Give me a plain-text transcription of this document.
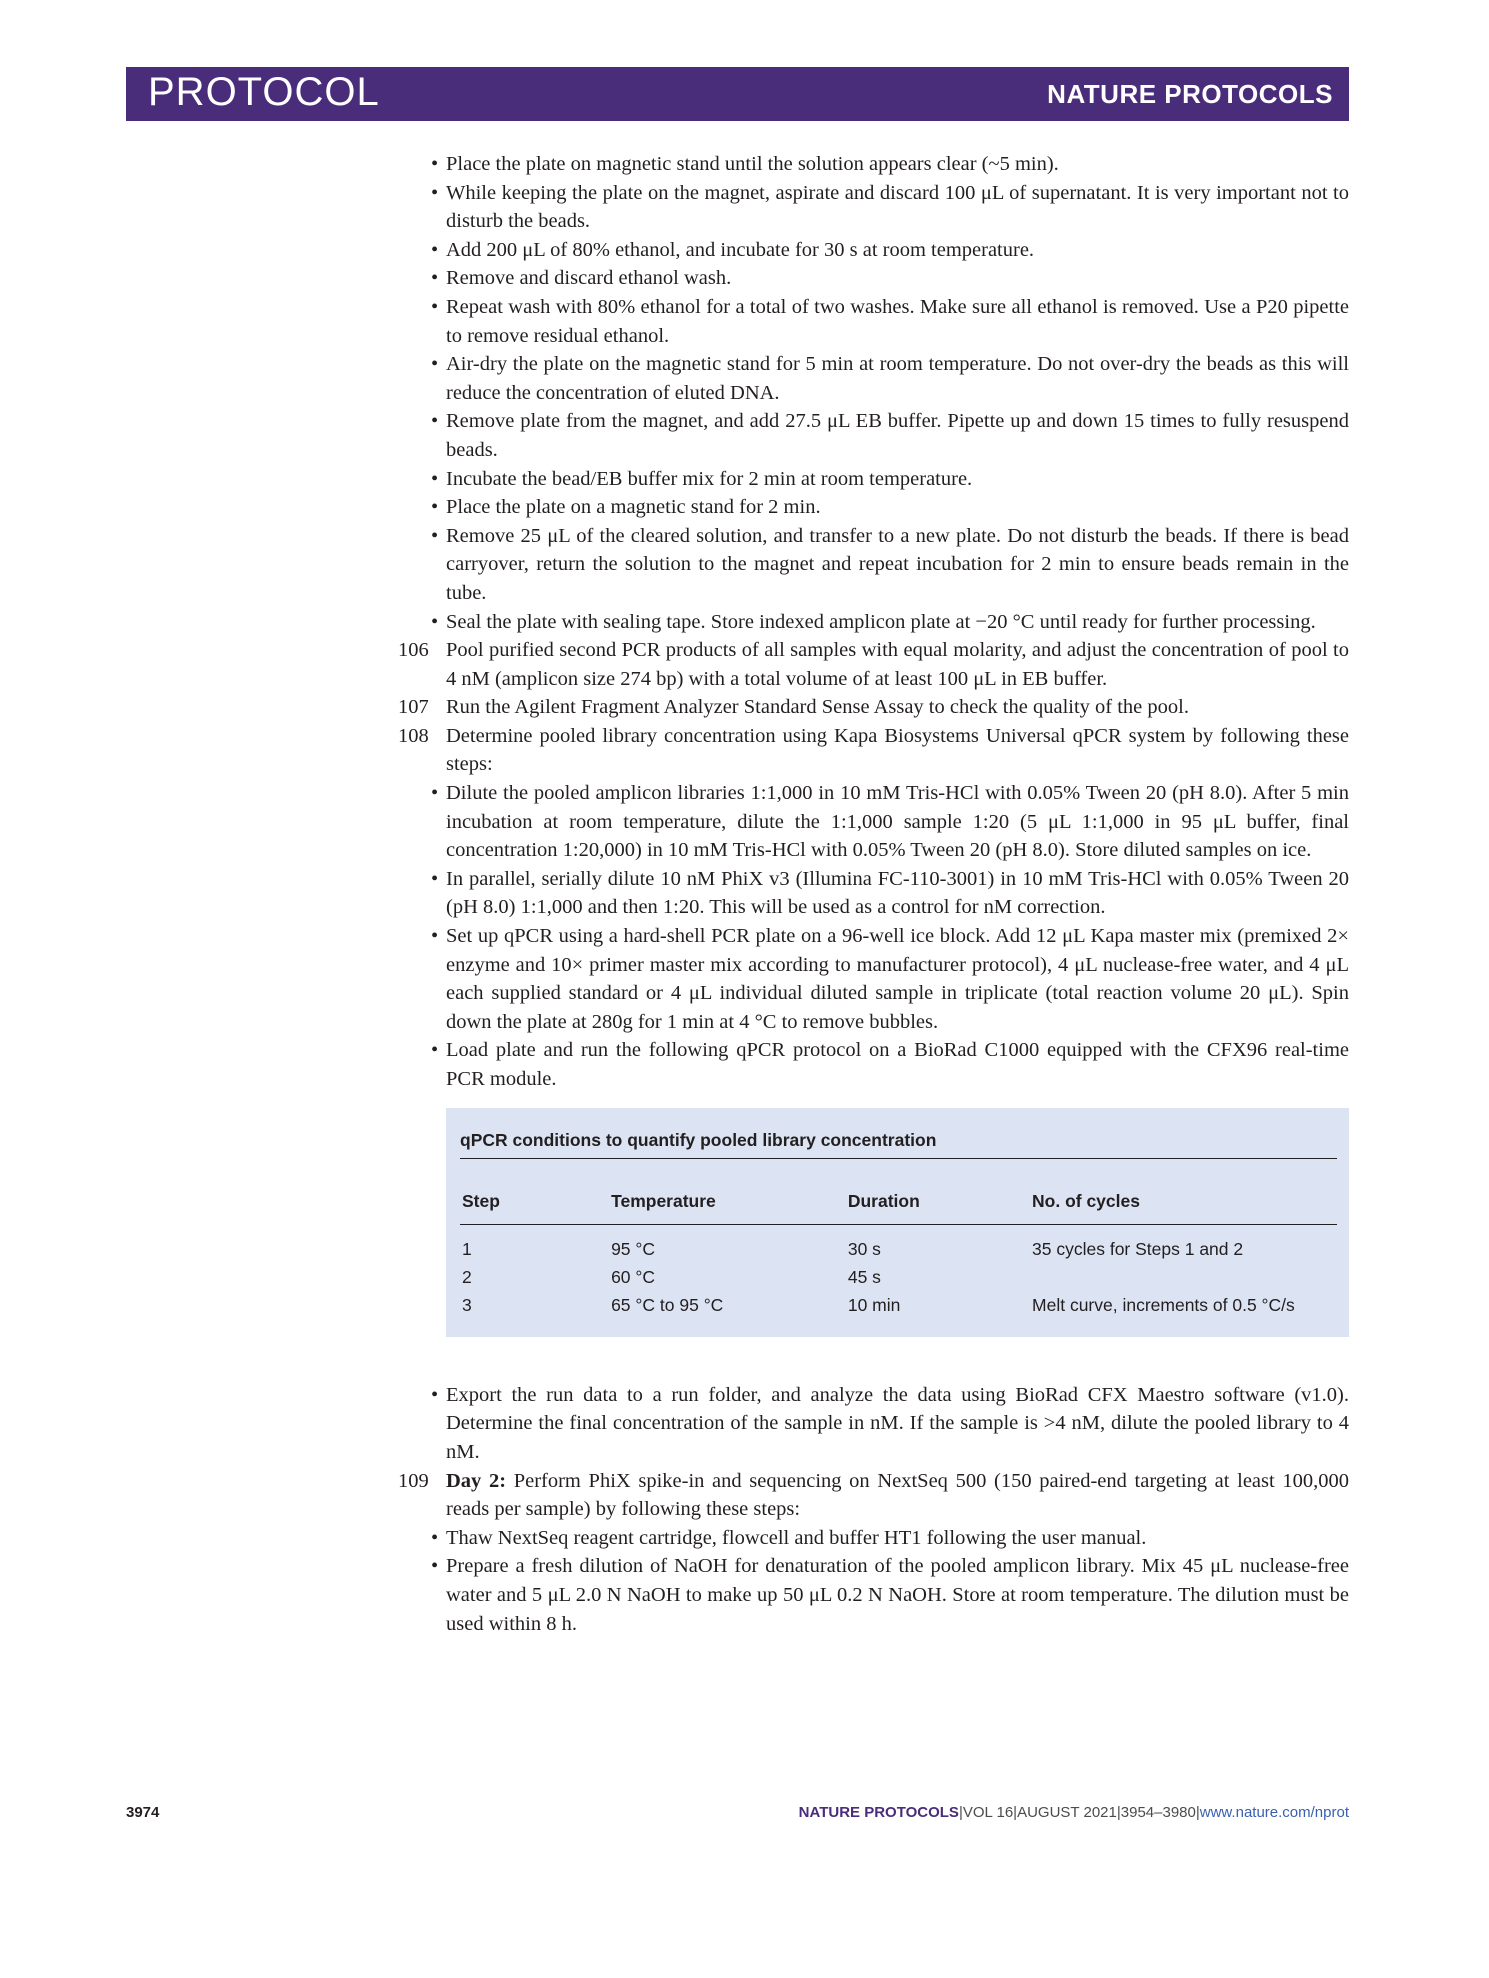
PROTOCOL	NATURE PROTOCOLS
• Place the plate on magnetic stand until the solution appears clear (~5 min).
• While keeping the plate on the magnet, aspirate and discard 100 μL of supernatant. It is very important not to disturb the beads.
• Add 200 μL of 80% ethanol, and incubate for 30 s at room temperature.
• Remove and discard ethanol wash.
• Repeat wash with 80% ethanol for a total of two washes. Make sure all ethanol is removed. Use a P20 pipette to remove residual ethanol.
• Air-dry the plate on the magnetic stand for 5 min at room temperature. Do not over-dry the beads as this will reduce the concentration of eluted DNA.
• Remove plate from the magnet, and add 27.5 μL EB buffer. Pipette up and down 15 times to fully resuspend beads.
• Incubate the bead/EB buffer mix for 2 min at room temperature.
• Place the plate on a magnetic stand for 2 min.
• Remove 25 μL of the cleared solution, and transfer to a new plate. Do not disturb the beads. If there is bead carryover, return the solution to the magnet and repeat incubation for 2 min to ensure beads remain in the tube.
• Seal the plate with sealing tape. Store indexed amplicon plate at −20 °C until ready for further processing.
106 Pool purified second PCR products of all samples with equal molarity, and adjust the concentration of pool to 4 nM (amplicon size 274 bp) with a total volume of at least 100 μL in EB buffer.
107 Run the Agilent Fragment Analyzer Standard Sense Assay to check the quality of the pool.
108 Determine pooled library concentration using Kapa Biosystems Universal qPCR system by following these steps:
• Dilute the pooled amplicon libraries 1:1,000 in 10 mM Tris-HCl with 0.05% Tween 20 (pH 8.0). After 5 min incubation at room temperature, dilute the 1:1,000 sample 1:20 (5 μL 1:1,000 in 95 μL buffer, final concentration 1:20,000) in 10 mM Tris-HCl with 0.05% Tween 20 (pH 8.0). Store diluted samples on ice.
• In parallel, serially dilute 10 nM PhiX v3 (Illumina FC-110-3001) in 10 mM Tris-HCl with 0.05% Tween 20 (pH 8.0) 1:1,000 and then 1:20. This will be used as a control for nM correction.
• Set up qPCR using a hard-shell PCR plate on a 96-well ice block. Add 12 μL Kapa master mix (premixed 2× enzyme and 10× primer master mix according to manufacturer protocol), 4 μL nuclease-free water, and 4 μL each supplied standard or 4 μL individual diluted sample in triplicate (total reaction volume 20 μL). Spin down the plate at 280g for 1 min at 4 °C to remove bubbles.
• Load plate and run the following qPCR protocol on a BioRad C1000 equipped with the CFX96 real-time PCR module.
qPCR conditions to quantify pooled library concentration
Step	Temperature	Duration	No. of cycles
1	95 °C	30 s	35 cycles for Steps 1 and 2
2	60 °C	45 s	
3	65 °C to 95 °C	10 min	Melt curve, increments of 0.5 °C/s
• Export the run data to a run folder, and analyze the data using BioRad CFX Maestro software (v1.0). Determine the final concentration of the sample in nM. If the sample is >4 nM, dilute the pooled library to 4 nM.
109 Day 2: Perform PhiX spike-in and sequencing on NextSeq 500 (150 paired-end targeting at least 100,000 reads per sample) by following these steps:
• Thaw NextSeq reagent cartridge, flowcell and buffer HT1 following the user manual.
• Prepare a fresh dilution of NaOH for denaturation of the pooled amplicon library. Mix 45 μL nuclease-free water and 5 μL 2.0 N NaOH to make up 50 μL 0.2 N NaOH. Store at room temperature. The dilution must be used within 8 h.
3974	NATURE PROTOCOLS|VOL 16|AUGUST 2021|3954–3980|www.nature.com/nprot
